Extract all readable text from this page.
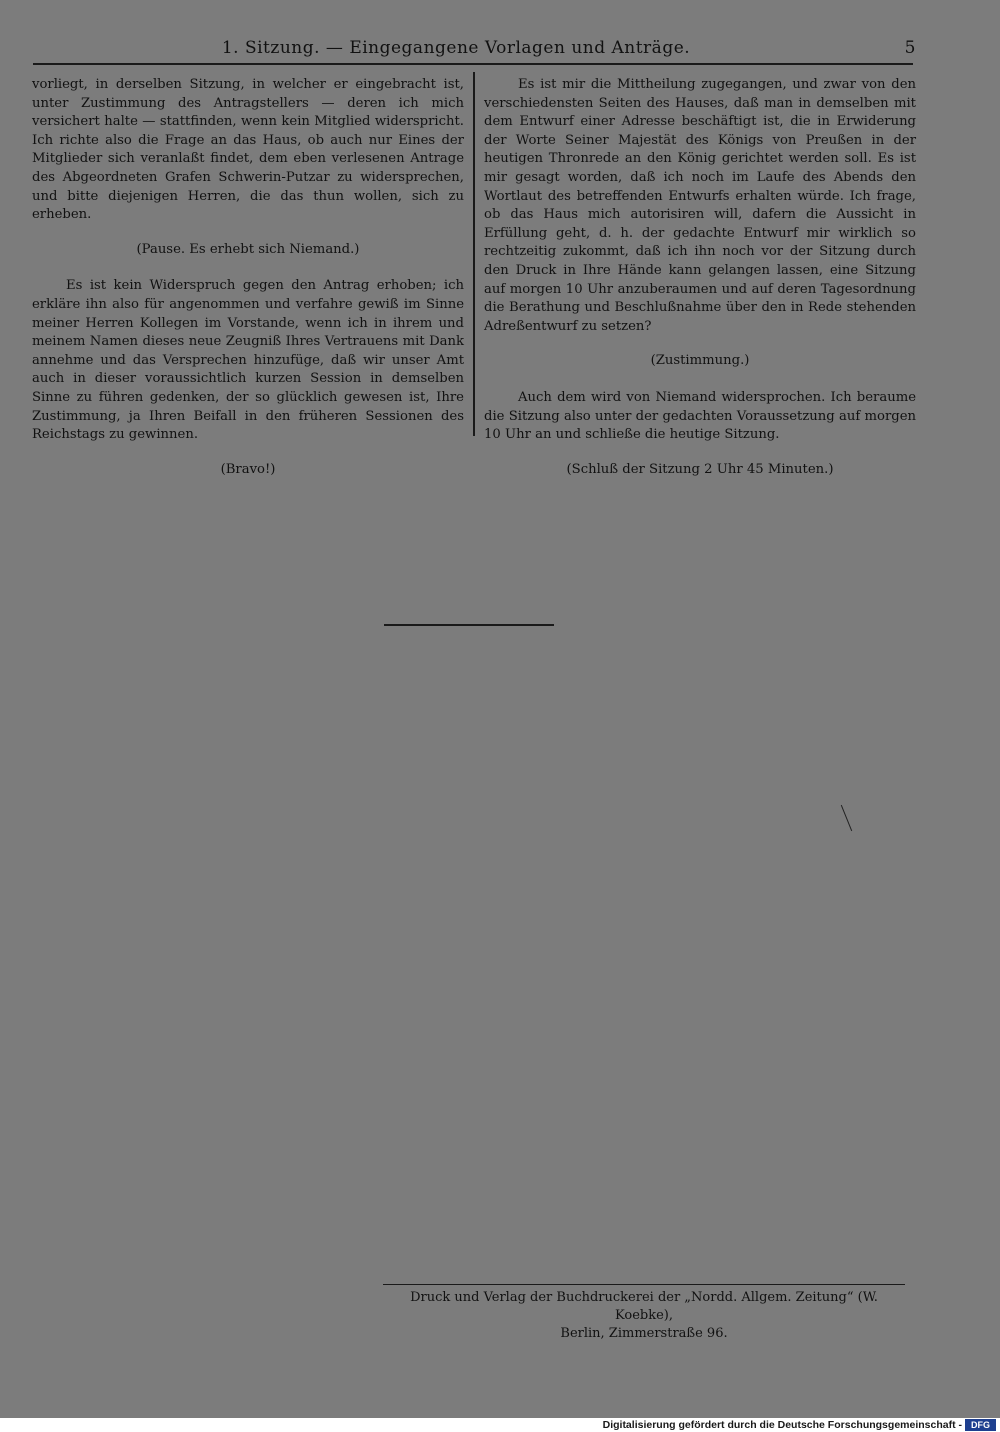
1. Sitzung. — Eingegangene Vorlagen und Anträge.	5

vorliegt, in derselben Sitzung, in welcher er eingebracht ist, unter Zustimmung des Antragstellers — deren ich mich versichert halte — stattfinden, wenn kein Mitglied widerspricht. Ich richte also die Frage an das Haus, ob auch nur Eines der Mitglieder sich veranlaßt findet, dem eben verlesenen Antrage des Abgeordneten Grafen Schwerin-Putzar zu widersprechen, und bitte diejenigen Herren, die das thun wollen, sich zu erheben.

(Pause. Es erhebt sich Niemand.)

Es ist kein Widerspruch gegen den Antrag erhoben; ich erkläre ihn also für angenommen und verfahre gewiß im Sinne meiner Herren Kollegen im Vorstande, wenn ich in ihrem und meinem Namen dieses neue Zeugniß Ihres Vertrauens mit Dank annehme und das Versprechen hinzufüge, daß wir unser Amt auch in dieser voraussichtlich kurzen Session in demselben Sinne zu führen gedenken, der so glücklich gewesen ist, Ihre Zustimmung, ja Ihren Beifall in den früheren Sessionen des Reichstags zu gewinnen.

(Bravo!)

Es ist mir die Mittheilung zugegangen, und zwar von den verschiedensten Seiten des Hauses, daß man in demselben mit dem Entwurf einer Adresse beschäftigt ist, die in Erwiderung der Worte Seiner Majestät des Königs von Preußen in der heutigen Thronrede an den König gerichtet werden soll. Es ist mir gesagt worden, daß ich noch im Laufe des Abends den Wortlaut des betreffenden Entwurfs erhalten würde. Ich frage, ob das Haus mich autorisiren will, dafern die Aussicht in Erfüllung geht, d. h. der gedachte Entwurf mir wirklich so rechtzeitig zukommt, daß ich ihn noch vor der Sitzung durch den Druck in Ihre Hände kann gelangen lassen, eine Sitzung auf morgen 10 Uhr anzuberaumen und auf deren Tagesordnung die Berathung und Beschlußnahme über den in Rede stehenden Adreßentwurf zu setzen?

(Zustimmung.)

Auch dem wird von Niemand widersprochen. Ich beraume die Sitzung also unter der gedachten Voraussetzung auf morgen 10 Uhr an und schließe die heutige Sitzung.

(Schluß der Sitzung 2 Uhr 45 Minuten.)

Druck und Verlag der Buchdruckerei der „Nordd. Allgem. Zeitung“ (W. Koebke),
Berlin, Zimmerstraße 96.
Digitalisierung gefördert durch die Deutsche Forschungsgemeinschaft -	DFG
